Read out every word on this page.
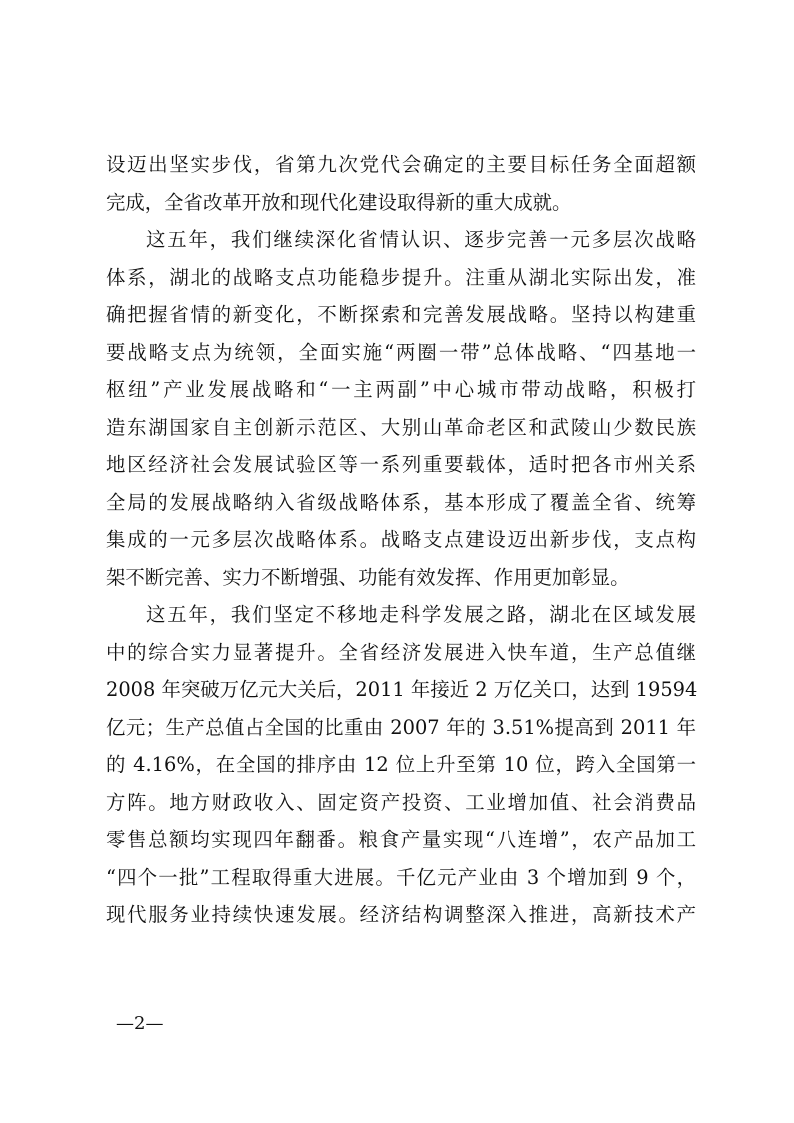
设迈出坚实步伐，省第九次党代会确定的主要目标任务全面超额
完成，全省改革开放和现代化建设取得新的重大成就。
这五年，我们继续深化省情认识、逐步完善一元多层次战略
体系，湖北的战略支点功能稳步提升。注重从湖北实际出发，准
确把握省情的新变化，不断探索和完善发展战略。坚持以构建重
要战略支点为统领，全面实施“两圈一带”总体战略、“四基地一
枢纽”产业发展战略和“一主两副”中心城市带动战略，积极打
造东湖国家自主创新示范区、大别山革命老区和武陵山少数民族
地区经济社会发展试验区等一系列重要载体，适时把各市州关系
全局的发展战略纳入省级战略体系，基本形成了覆盖全省、统筹
集成的一元多层次战略体系。战略支点建设迈出新步伐，支点构
架不断完善、实力不断增强、功能有效发挥、作用更加彰显。
这五年，我们坚定不移地走科学发展之路，湖北在区域发展
中的综合实力显著提升。全省经济发展进入快车道，生产总值继
2008 年突破万亿元大关后，2011 年接近 2 万亿关口，达到 19594
亿元；生产总值占全国的比重由 2007 年的 3.51%提高到 2011 年
的 4.16%，在全国的排序由 12 位上升至第 10 位，跨入全国第一
方阵。地方财政收入、固定资产投资、工业增加值、社会消费品
零售总额均实现四年翻番。粮食产量实现“八连增”，农产品加工
“四个一批”工程取得重大进展。千亿元产业由 3 个增加到 9 个，
现代服务业持续快速发展。经济结构调整深入推进，高新技术产
—2—
